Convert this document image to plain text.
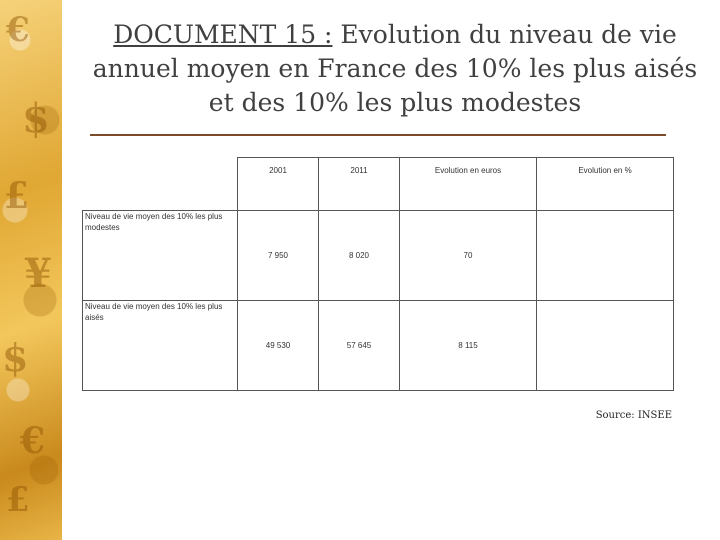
€
$
£
¥
$
€
£
DOCUMENT 15 : Evolution du niveau de vie annuel moyen en France des 10% les plus aisés et des 10% les plus modestes

	2001	2011	Evolution en euros	Evolution en %

Niveau de vie moyen des 10% les plus modestes	7 950	8 020	70	

Niveau de vie moyen des 10% les plus aisés	49 530	57 645	8 115	

Source: INSEE
